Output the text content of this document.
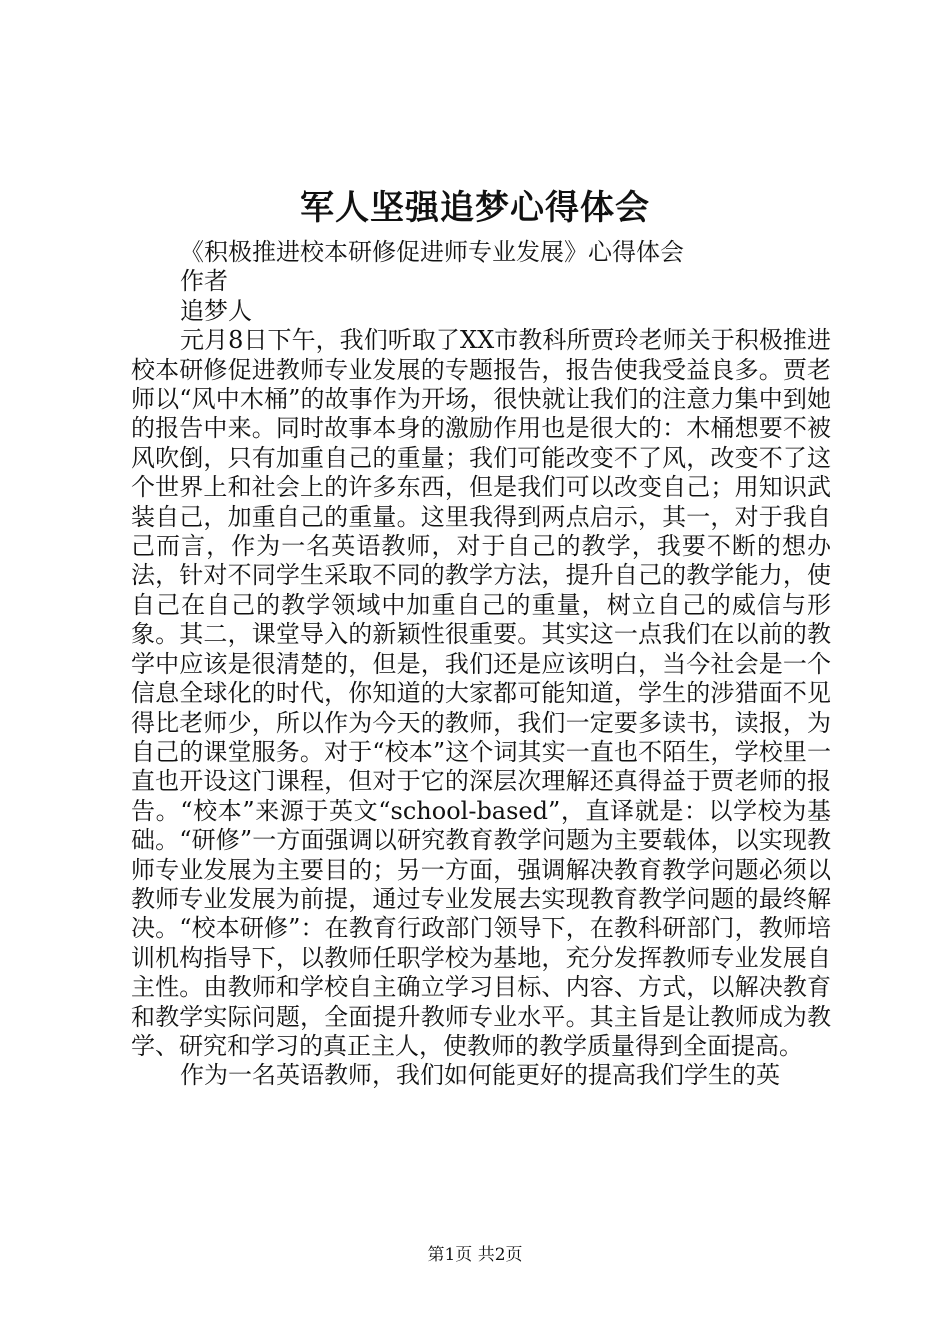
军人坚强追梦心得体会

《积极推进校本研修促进师专业发展》心得体会

作者

追梦人

元月8日下午，我们听取了XX市教科所贾玲老师关于积极推进校本研修促进教师专业发展的专题报告，报告使我受益良多。贾老师以“风中木桶”的故事作为开场，很快就让我们的注意力集中到她的报告中来。同时故事本身的激励作用也是很大的：木桶想要不被风吹倒，只有加重自己的重量；我们可能改变不了风，改变不了这个世界上和社会上的许多东西，但是我们可以改变自己；用知识武装自己，加重自己的重量。这里我得到两点启示，其一，对于我自己而言，作为一名英语教师，对于自己的教学，我要不断的想办法，针对不同学生采取不同的教学方法，提升自己的教学能力，使自己在自己的教学领域中加重自己的重量，树立自己的威信与形象。其二，课堂导入的新颖性很重要。其实这一点我们在以前的教学中应该是很清楚的，但是，我们还是应该明白，当今社会是一个信息全球化的时代，你知道的大家都可能知道，学生的涉猎面不见得比老师少，所以作为今天的教师，我们一定要多读书，读报，为自己的课堂服务。对于“校本”这个词其实一直也不陌生，学校里一直也开设这门课程，但对于它的深层次理解还真得益于贾老师的报告。“校本”来源于英文“school-based”，直译就是：以学校为基础。“研修”一方面强调以研究教育教学问题为主要载体，以实现教师专业发展为主要目的；另一方面，强调解决教育教学问题必须以教师专业发展为前提，通过专业发展去实现教育教学问题的最终解决。“校本研修”：在教育行政部门领导下，在教科研部门，教师培训机构指导下，以教师任职学校为基地，充分发挥教师专业发展自主性。由教师和学校自主确立学习目标、内容、方式，以解决教育和教学实际问题，全面提升教师专业水平。其主旨是让教师成为教学、研究和学习的真正主人，使教师的教学质量得到全面提高。

作为一名英语教师，我们如何能更好的提高我们学生的英

第1页 共2页
